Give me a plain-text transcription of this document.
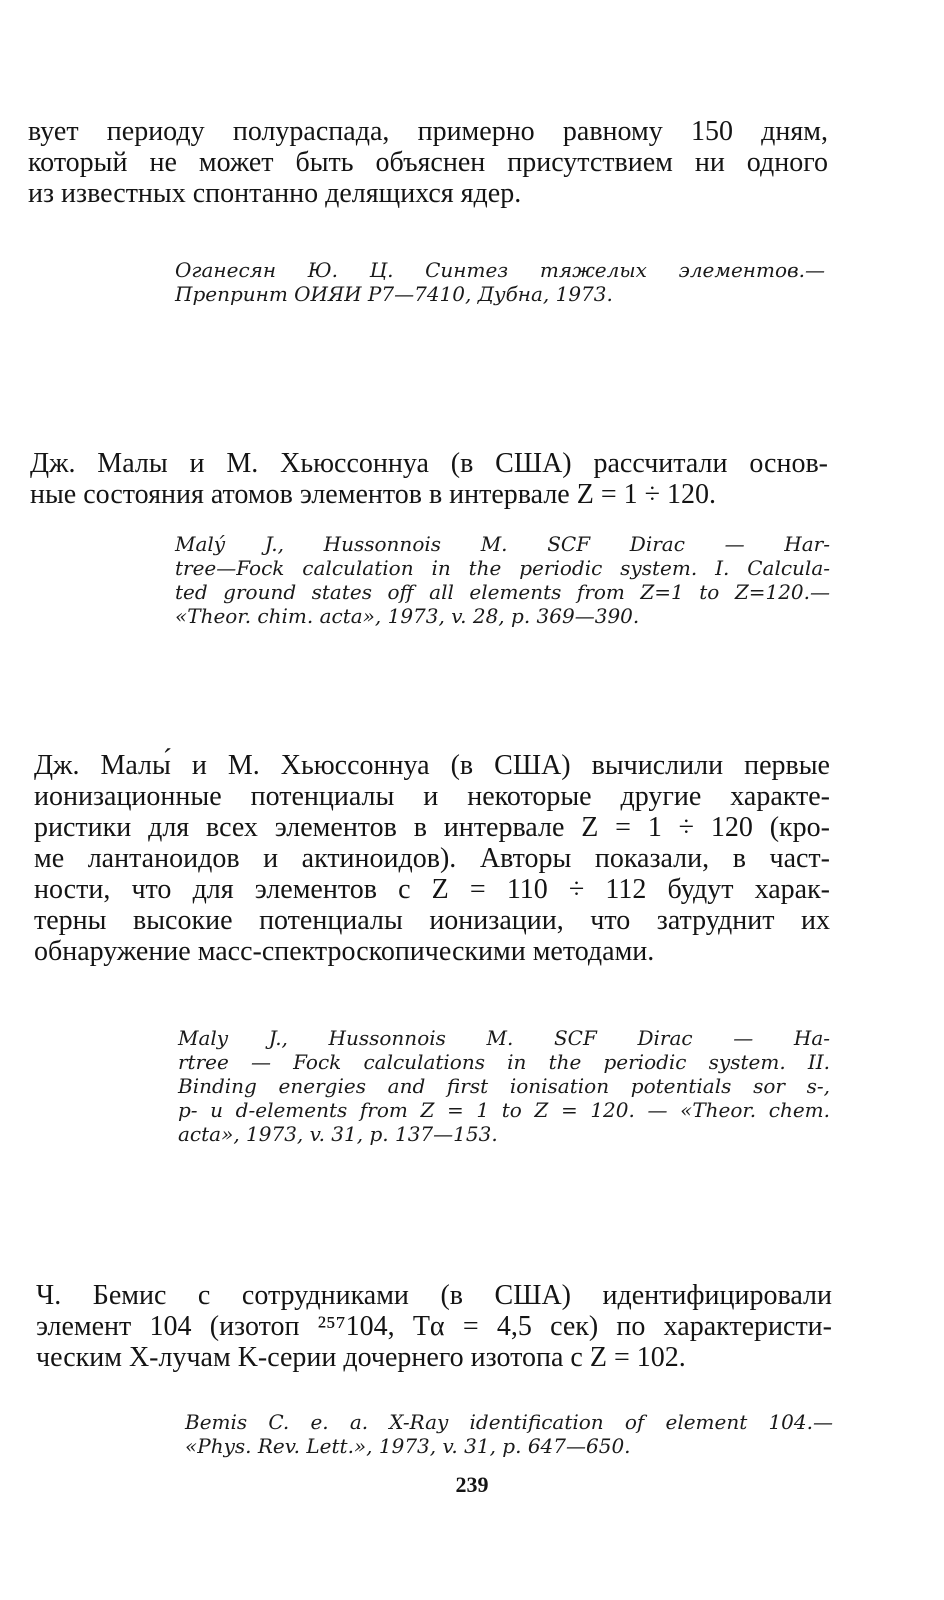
вует периоду полураспада, примерно равному 150 дням,
который не может быть объяснен присутствием ни одного
из известных спонтанно делящихся ядер.
Оганесян Ю. Ц. Синтез тяжелых элементов.—
Препринт ОИЯИ Р7—7410, Дубна, 1973.
Дж. Малы и М. Хьюссоннуа (в США) рассчитали основ-
ные состояния атомов элементов в интервале Z = 1 ÷ 120.
Malý J., Hussonnois M. SCF Dirac — Har-
tree—Fock calculation in the periodic system. I. Calcula-
ted ground states off all elements from Z=1 to Z=120.—
«Theor. chim. acta», 1973, v. 28, p. 369—390.
Дж. Малы́ и М. Хьюссоннуа (в США) вычислили первые
ионизационные потенциалы и некоторые другие характе-
ристики для всех элементов в интервале Z = 1 ÷ 120 (кро-
ме лантаноидов и актиноидов). Авторы показали, в част-
ности, что для элементов с Z = 110 ÷ 112 будут харак-
терны высокие потенциалы ионизации, что затруднит их
обнаружение масс-спектроскопическими методами.
Maly J., Hussonnois M. SCF Dirac — Ha-
rtree — Fock calculations in the periodic system. II.
Binding energies and first ionisation potentials sor s-,
p- и d-elements from Z = 1 to Z = 120. — «Theor. chem.
acta», 1973, v. 31, p. 137—153.
Ч. Бемис с сотрудниками (в США) идентифицировали
элемент 104 (изотоп ²⁵⁷104, Tα = 4,5 сек) по характеристи-
ческим X-лучам K-серии дочернего изотопа с Z = 102.
Bemis C. e. a. X-Ray identification of element 104.—
«Phys. Rev. Lett.», 1973, v. 31, p. 647—650.
239
